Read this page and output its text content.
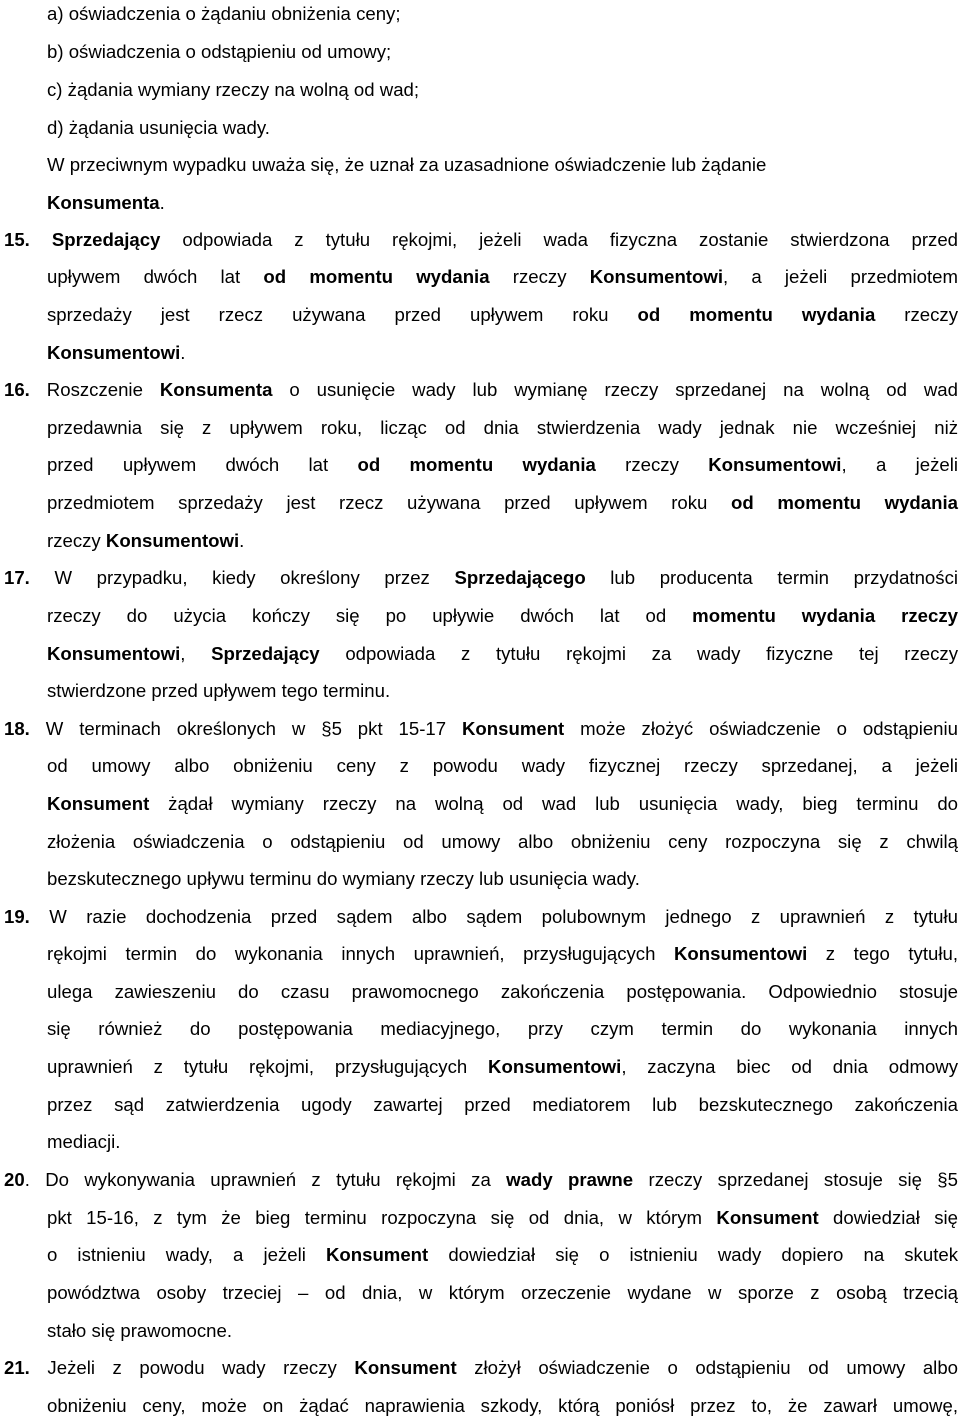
a) oświadczenia o żądaniu obniżenia ceny;
b) oświadczenia o odstąpieniu od umowy;
c) żądania wymiany rzeczy na wolną od wad;
d) żądania usunięcia wady.
W przeciwnym wypadku uważa się, że uznał za uzasadnione oświadczenie lub żądanie
Konsumenta.
15. Sprzedający odpowiada z tytułu rękojmi, jeżeli wada fizyczna zostanie stwierdzona przed
upływem dwóch lat od momentu wydania rzeczy Konsumentowi, a jeżeli przedmiotem
sprzedaży jest rzecz używana przed upływem roku od momentu wydania rzeczy
Konsumentowi.
16. Roszczenie Konsumenta o usunięcie wady lub wymianę rzeczy sprzedanej na wolną od wad
przedawnia się z upływem roku, licząc od dnia stwierdzenia wady jednak nie wcześniej niż
przed upływem dwóch lat od momentu wydania rzeczy Konsumentowi, a jeżeli
przedmiotem sprzedaży jest rzecz używana przed upływem roku od momentu wydania
rzeczy Konsumentowi.
17. W przypadku, kiedy określony przez Sprzedającego lub producenta termin przydatności
rzeczy do użycia kończy się po upływie dwóch lat od momentu wydania rzeczy
Konsumentowi, Sprzedający odpowiada z tytułu rękojmi za wady fizyczne tej rzeczy
stwierdzone przed upływem tego terminu.
18. W terminach określonych w §5 pkt 15-17 Konsument może złożyć oświadczenie o odstąpieniu
od umowy albo obniżeniu ceny z powodu wady fizycznej rzeczy sprzedanej, a jeżeli
Konsument żądał wymiany rzeczy na wolną od wad lub usunięcia wady, bieg terminu do
złożenia oświadczenia o odstąpieniu od umowy albo obniżeniu ceny rozpoczyna się z chwilą
bezskutecznego upływu terminu do wymiany rzeczy lub usunięcia wady.
19. W razie dochodzenia przed sądem albo sądem polubownym jednego z uprawnień z tytułu
rękojmi termin do wykonania innych uprawnień, przysługujących Konsumentowi z tego tytułu,
ulega zawieszeniu do czasu prawomocnego zakończenia postępowania. Odpowiednio stosuje
się również do postępowania mediacyjnego, przy czym termin do wykonania innych
uprawnień z tytułu rękojmi, przysługujących Konsumentowi, zaczyna biec od dnia odmowy
przez sąd zatwierdzenia ugody zawartej przed mediatorem lub bezskutecznego zakończenia
mediacji.
20. Do wykonywania uprawnień z tytułu rękojmi za wady prawne rzeczy sprzedanej stosuje się §5
pkt 15-16, z tym że bieg terminu rozpoczyna się od dnia, w którym Konsument dowiedział się
o istnieniu wady, a jeżeli Konsument dowiedział się o istnieniu wady dopiero na skutek
powództwa osoby trzeciej – od dnia, w którym orzeczenie wydane w sporze z osobą trzecią
stało się prawomocne.
21. Jeżeli z powodu wady rzeczy Konsument złożył oświadczenie o odstąpieniu od umowy albo
obniżeniu ceny, może on żądać naprawienia szkody, którą poniósł przez to, że zawarł umowę,
